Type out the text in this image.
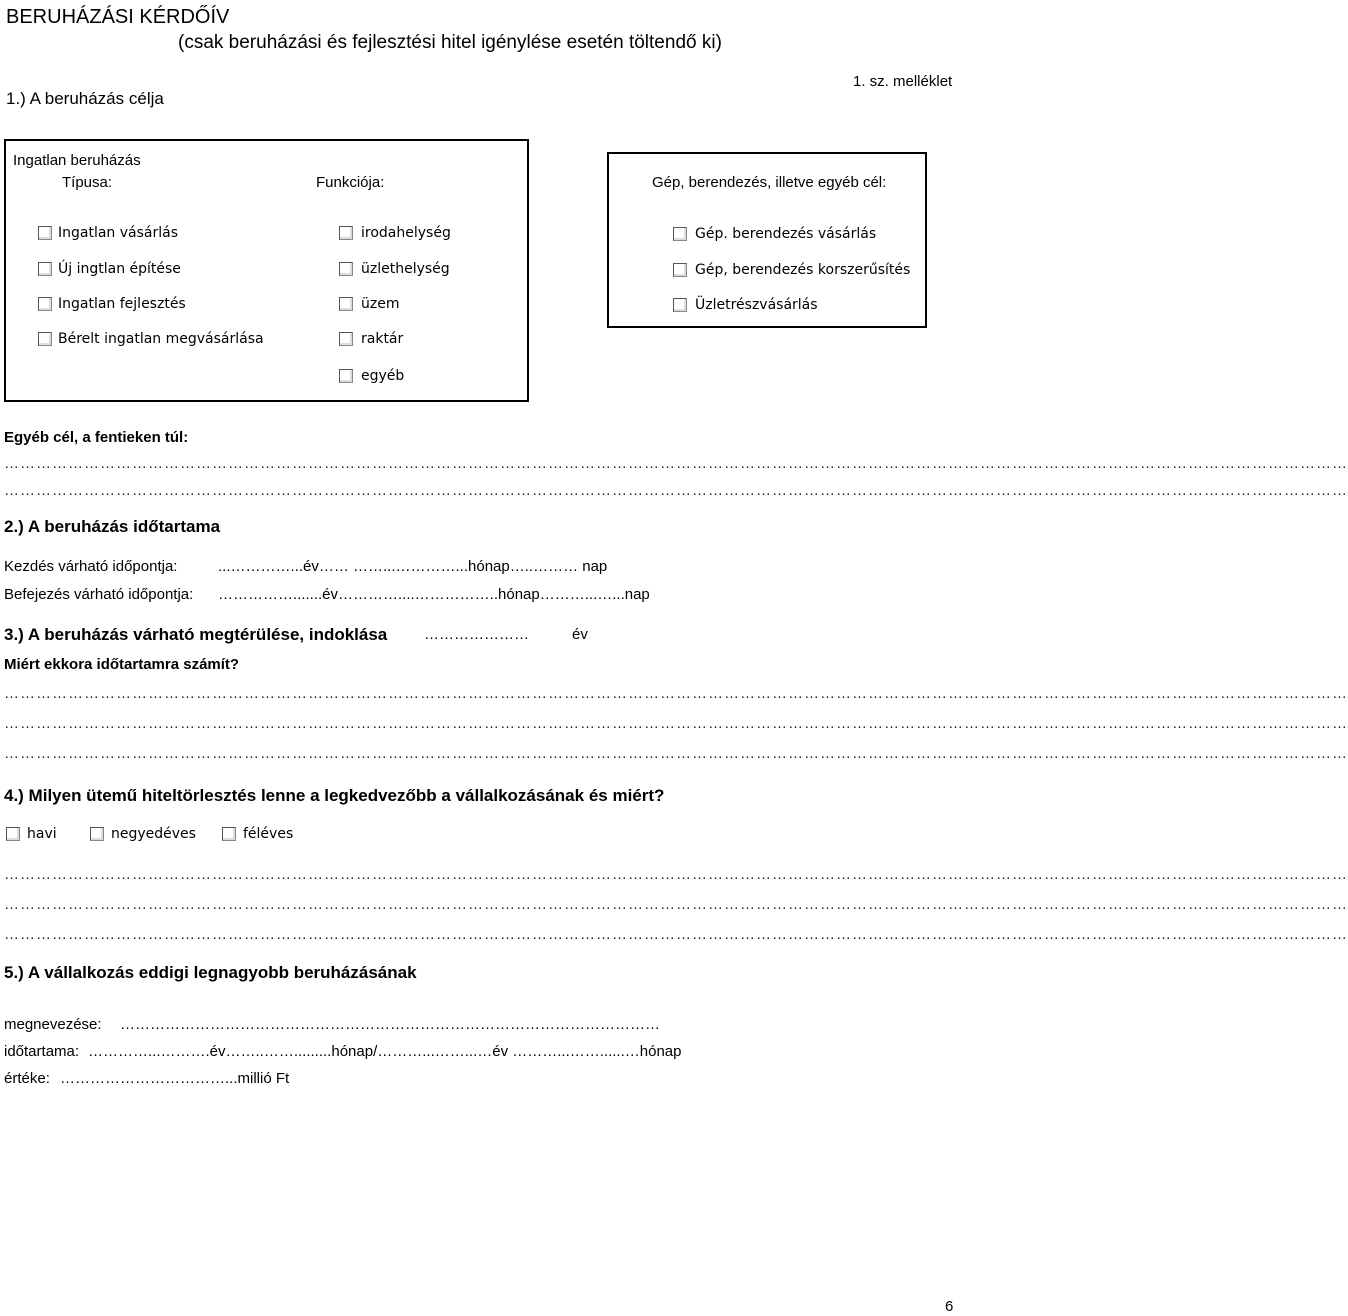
BERUHÁZÁSI KÉRDŐÍV
(csak beruházási és fejlesztési hitel igénylése esetén töltendő ki)
1.) A beruházás célja
1. sz. melléklet
Ingatlan beruházás
Típusa:	Funkciója:
Ingatlan vásárlás
Új ingtlan építése
Ingatlan fejlesztés
Bérelt ingatlan megvásárlása
irodahelység
üzlethelység
üzem
raktár
egyéb
Gép, berendezés, illetve egyéb cél:
Gép. berendezés vásárlás
Gép, berendezés korszerűsítés
Üzletrészvásárlás
Egyéb cél, a fentieken túl:
………………………………………………………………………………………………………………………………………………………………………………………………………………………………
………………………………………………………………………………………………………………………………………………………………………………………………………………………………
2.) A beruházás időtartama
Kezdés várható időpontja:	...…………...év…… ……...…………...hónap…..……… nap
Befejezés várható időpontja: …………….......év…………....……………..hónap………...…...nap
3.) A beruházás várható megtérülése, indoklása …………………	év
Miért ekkora időtartamra számít?
………………………………………………………………………………………………………………………………………………………………………………………………………………………………
………………………………………………………………………………………………………………………………………………………………………………………………………………………………
………………………………………………………………………………………………………………………………………………………………………………………………………………………………
4.) Milyen ütemű hiteltörlesztés lenne a legkedvezőbb a vállalkozásának és miért?
havi	negyedéves	féléves
………………………………………………………………………………………………………………………………………………………………………………………………………………………………
………………………………………………………………………………………………………………………………………………………………………………………………………………………………
………………………………………………………………………………………………………………………………………………………………………………………………………………………………
5.) A vállalkozás eddigi legnagyobb beruházásának
megnevezése: ………………………………………………………………………………………………
időtartama: …………...……….év……..…….........hónap/………...……...…év ………...……......…hónap
értéke: ……………………………...millió Ft
6
